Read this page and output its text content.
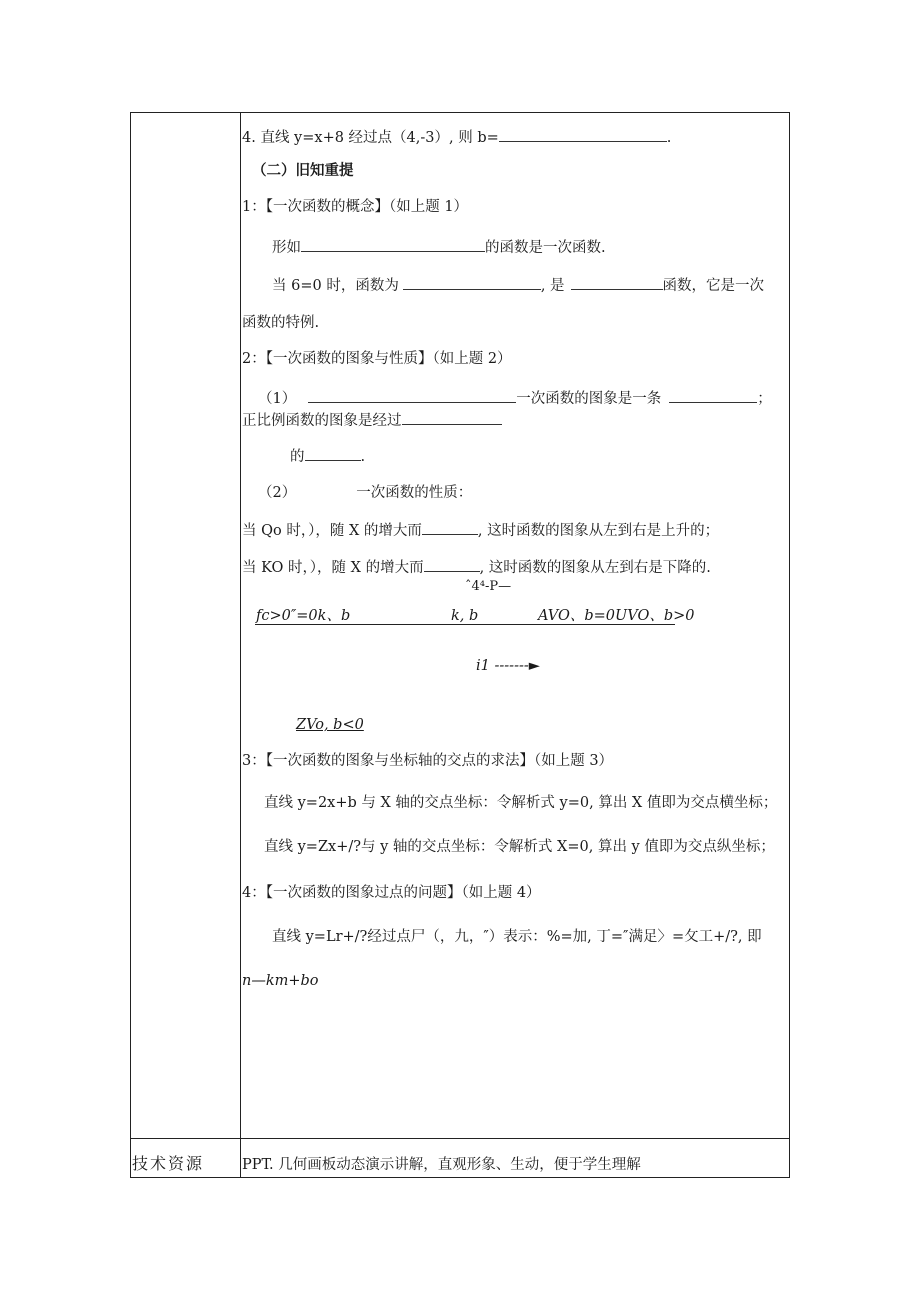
4. 直线 y=x+8 经过点（4,-3）, 则 b=	.
（二）旧知重提
1：【一次函数的概念】（如上题 1）
形如	的函数是一次函数.
当 6=0 时，函数为	, 是	函数，它是一次
函数的特例.
2：【一次函数的图象与性质】（如上题 2）
（1）	一次函数的图象是一条	；
正比例函数的图象是经过
的	.
（2）	一次函数的性质：
当 Qo 时，），随 X 的增大而	, 这时函数的图象从左到右是上升的；
当 KO 时，），随 X 的增大而	, 这时函数的图象从左到右是下降的.
ˆ4⁴-P—
fc>0″=0k、b	k, b	AVO、b=0UVO、b>0
i1 -------►
ZVo, b<0
3：【一次函数的图象与坐标轴的交点的求法】（如上题 3）
直线 y=2x+b 与 X 轴的交点坐标：令解析式 y=0, 算出 X 值即为交点横坐标；
直线 y=Zx+/?与 y 轴的交点坐标：令解析式 X=0, 算出 y 值即为交点纵坐标；
4：【一次函数的图象过点的问题】（如上题 4）
直线 y=Lr+/?经过点尸（，九，″）表示：%=加, 丁=″满足〉=攵工+/?, 即
n—km+bo
技术资源	PPT. 几何画板动态演示讲解，直观形象、生动，便于学生理解
